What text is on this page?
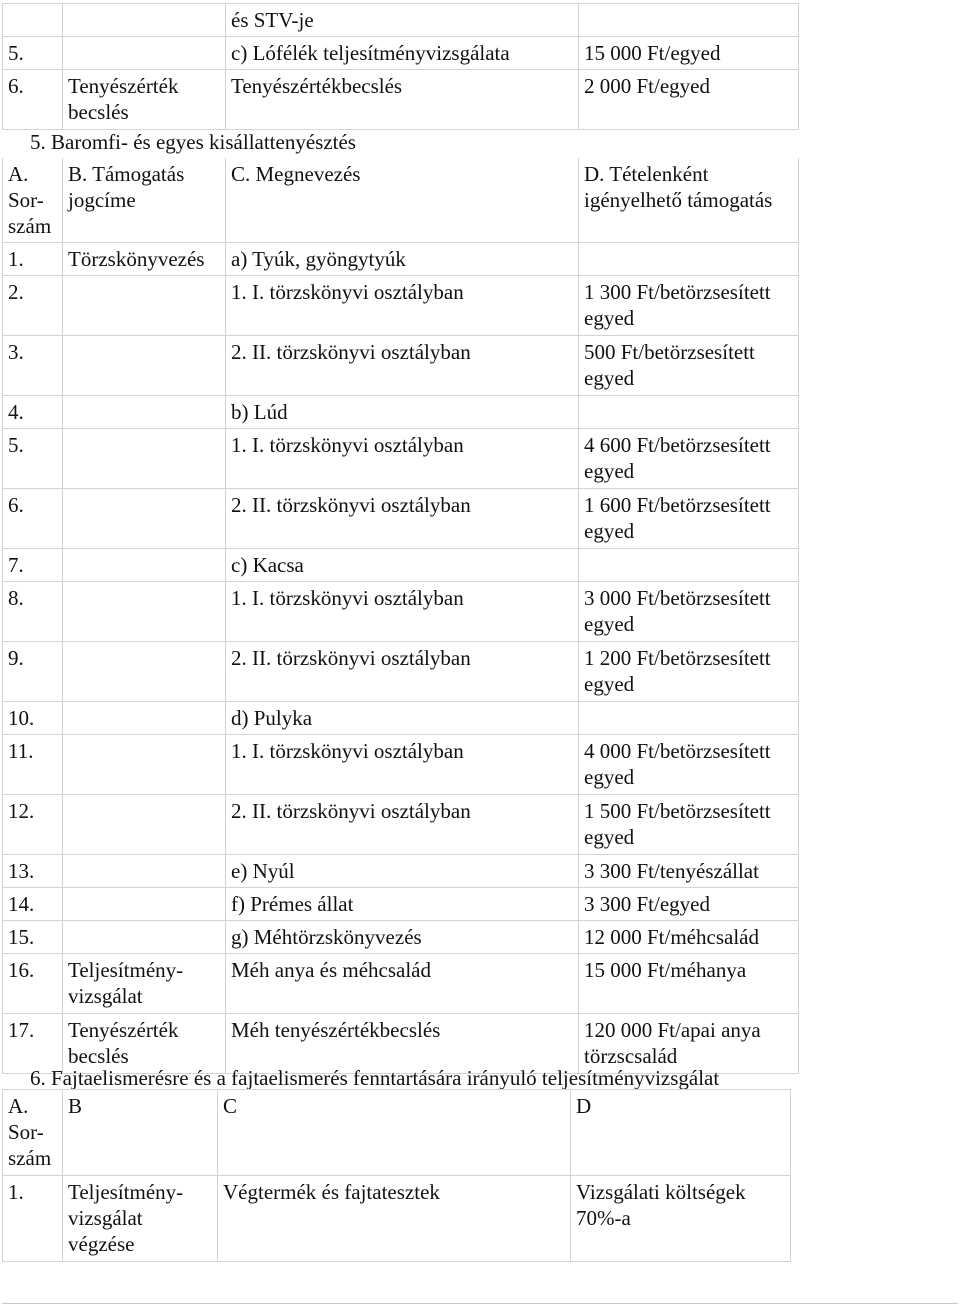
		és STV-je	
5.		c) Lófélék teljesítményvizsgálata	15 000 Ft/egyed
6.	Tenyészérték becslés	Tenyészértékbecslés	2 000 Ft/egyed

A. Sor-szám	B. Támogatás jogcíme	C. Megnevezés	D. Tételenként igényelhető támogatás
1.	Törzskönyvezés	a) Tyúk, gyöngytyúk	
2.		1. I. törzskönyvi osztályban	1 300 Ft/betörzsesített egyed
3.		2. II. törzskönyvi osztályban	500 Ft/betörzsesített egyed
4.		b) Lúd	
5.		1. I. törzskönyvi osztályban	4 600 Ft/betörzsesített egyed
6.		2. II. törzskönyvi osztályban	1 600 Ft/betörzsesített egyed
7.		c) Kacsa	
8.		1. I. törzskönyvi osztályban	3 000 Ft/betörzsesített egyed
9.		2. II. törzskönyvi osztályban	1 200 Ft/betörzsesített egyed
10.		d) Pulyka	
11.		1. I. törzskönyvi osztályban	4 000 Ft/betörzsesített egyed
12.		2. II. törzskönyvi osztályban	1 500 Ft/betörzsesített egyed
13.		e) Nyúl	3 300 Ft/tenyészállat
14.		f) Prémes állat	3 300 Ft/egyed
15.		g) Méhtörzskönyvezés	12 000 Ft/méhcsalád
16.	Teljesítmény-vizsgálat	Méh anya és méhcsalád	15 000 Ft/méhanya
17.	Tenyészérték becslés	Méh tenyészértékbecslés	120 000 Ft/apai anya törzscsalád
5. Baromfi- és egyes kisállattenyésztés
6. Fajtaelismerésre és a fajtaelismerés fenntartására irányuló teljesítményvizsgálat
A. Sor-szám	B	C	D
1.	Teljesítmény-vizsgálat végzése	Végtermék és fajtatesztek	Vizsgálati költségek 70%-a
